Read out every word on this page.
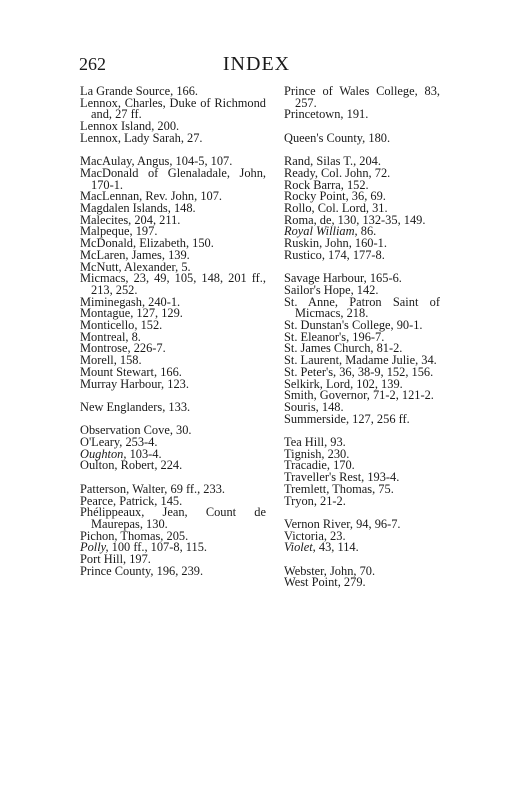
262	INDEX
La Grande Source, 166.
Lennox, Charles, Duke of Richmond and, 27 ff.
Lennox Island, 200.
Lennox, Lady Sarah, 27.
MacAulay, Angus, 104-5, 107.
MacDonald of Glenaladale, John, 170-1.
MacLennan, Rev. John, 107.
Magdalen Islands, 148.
Malecites, 204, 211.
Malpeque, 197.
McDonald, Elizabeth, 150.
McLaren, James, 139.
McNutt, Alexander, 5.
Micmacs, 23, 49, 105, 148, 201 ff., 213, 252.
Miminegash, 240-1.
Montague, 127, 129.
Monticello, 152.
Montreal, 8.
Montrose, 226-7.
Morell, 158.
Mount Stewart, 166.
Murray Harbour, 123.
New Englanders, 133.
Observation Cove, 30.
O'Leary, 253-4.
Oughton, 103-4.
Oulton, Robert, 224.
Patterson, Walter, 69 ff., 233.
Pearce, Patrick, 145.
Phélippeaux, Jean, Count de Maurepas, 130.
Pichon, Thomas, 205.
Polly, 100 ff., 107-8, 115.
Port Hill, 197.
Prince County, 196, 239.
Prince of Wales College, 83, 257.
Princetown, 191.
Queen's County, 180.
Rand, Silas T., 204.
Ready, Col. John, 72.
Rock Barra, 152.
Rocky Point, 36, 69.
Rollo, Col. Lord, 31.
Roma, de, 130, 132-35, 149.
Royal William, 86.
Ruskin, John, 160-1.
Rustico, 174, 177-8.
Savage Harbour, 165-6.
Sailor's Hope, 142.
St. Anne, Patron Saint of Micmacs, 218.
St. Dunstan's College, 90-1.
St. Eleanor's, 196-7.
St. James Church, 81-2.
St. Laurent, Madame Julie, 34.
St. Peter's, 36, 38-9, 152, 156.
Selkirk, Lord, 102, 139.
Smith, Governor, 71-2, 121-2.
Souris, 148.
Summerside, 127, 256 ff.
Tea Hill, 93.
Tignish, 230.
Tracadie, 170.
Traveller's Rest, 193-4.
Tremlett, Thomas, 75.
Tryon, 21-2.
Vernon River, 94, 96-7.
Victoria, 23.
Violet, 43, 114.
Webster, John, 70.
West Point, 279.
